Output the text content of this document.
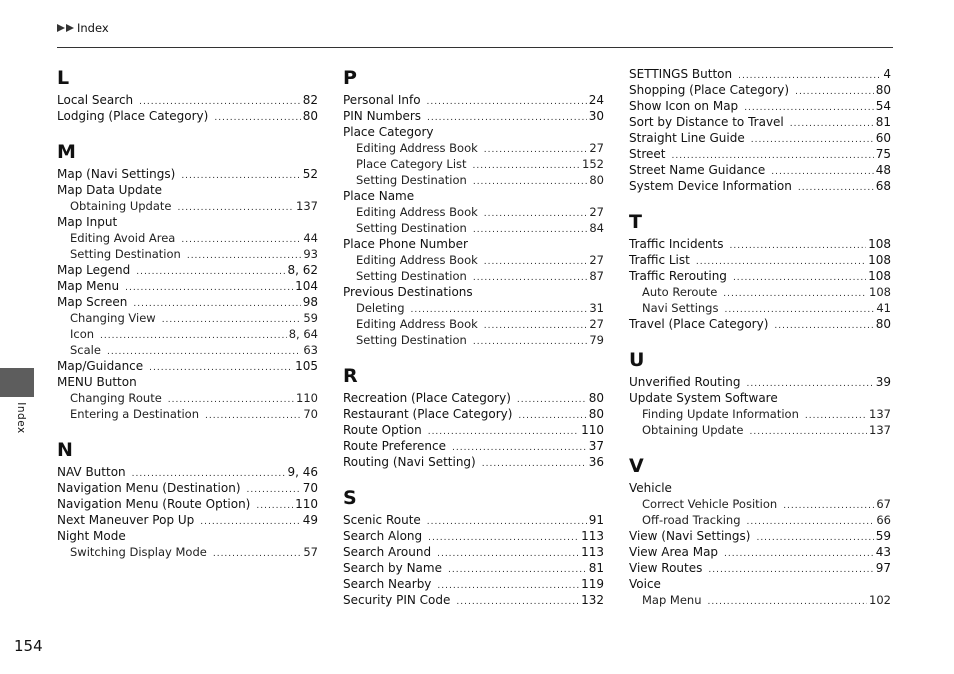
Index
Index
154
L
Local Search .....	82
Lodging (Place Category) .....	80
M
Map (Navi Settings) .....	52
Map Data Update
Obtaining Update .....	137
Map Input
Editing Avoid Area .....	44
Setting Destination .....	93
Map Legend .....	8, 62
Map Menu .....	104
Map Screen .....	98
Changing View .....	59
Icon .....	8, 64
Scale .....	63
Map/Guidance .....	105
MENU Button
Changing Route .....	110
Entering a Destination .....	70
N
NAV Button .....	9, 46
Navigation Menu (Destination) .....	70
Navigation Menu (Route Option) .....	110
Next Maneuver Pop Up .....	49
Night Mode
Switching Display Mode .....	57
P
Personal Info .....	24
PIN Numbers .....	30
Place Category
Editing Address Book .....	27
Place Category List .....	152
Setting Destination .....	80
Place Name
Editing Address Book .....	27
Setting Destination .....	84
Place Phone Number
Editing Address Book .....	27
Setting Destination .....	87
Previous Destinations
Deleting .....	31
Editing Address Book .....	27
Setting Destination .....	79
R
Recreation (Place Category) .....	80
Restaurant (Place Category) .....	80
Route Option .....	110
Route Preference .....	37
Routing (Navi Setting) .....	36
S
Scenic Route .....	91
Search Along .....	113
Search Around .....	113
Search by Name .....	81
Search Nearby .....	119
Security PIN Code .....	132
SETTINGS Button .....	4
Shopping (Place Category) .....	80
Show Icon on Map .....	54
Sort by Distance to Travel .....	81
Straight Line Guide .....	60
Street .....	75
Street Name Guidance .....	48
System Device Information .....	68
T
Traffic Incidents .....	108
Traffic List .....	108
Traffic Rerouting .....	108
Auto Reroute .....	108
Navi Settings .....	41
Travel (Place Category) .....	80
U
Unverified Routing .....	39
Update System Software
Finding Update Information .....	137
Obtaining Update .....	137
V
Vehicle
Correct Vehicle Position .....	67
Off-road Tracking .....	66
View (Navi Settings) .....	59
View Area Map .....	43
View Routes .....	97
Voice
Map Menu .....	102
